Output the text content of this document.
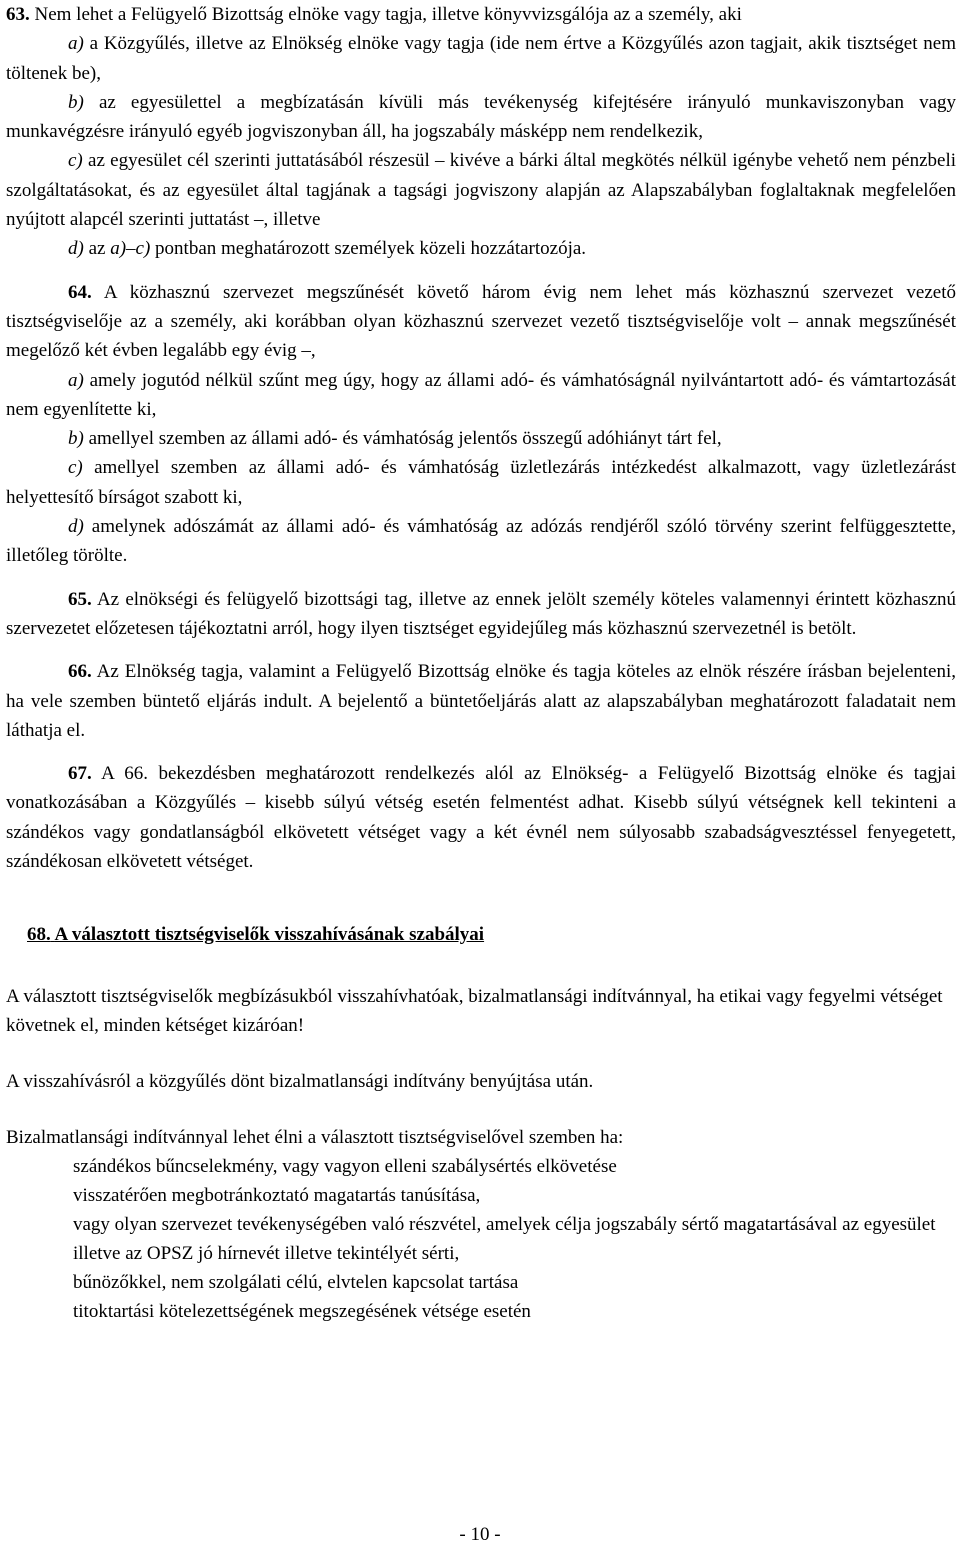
63. Nem lehet a Felügyelő Bizottság elnöke vagy tagja, illetve könyvvizsgálója az a személy, aki

a) a Közgyűlés, illetve az Elnökség elnöke vagy tagja (ide nem értve a Közgyűlés azon tagjait, akik tisztséget nem töltenek be),

b) az egyesülettel a megbízatásán kívüli más tevékenység kifejtésére irányuló munkaviszonyban vagy munkavégzésre irányuló egyéb jogviszonyban áll, ha jogszabály másképp nem rendelkezik,

c) az egyesület cél szerinti juttatásából részesül – kivéve a bárki által megkötés nélkül igénybe vehető nem pénzbeli szolgáltatásokat, és az egyesület által tagjának a tagsági jogviszony alapján az Alapszabályban foglaltaknak megfelelően nyújtott alapcél szerinti juttatást –, illetve

d) az a)–c) pontban meghatározott személyek közeli hozzátartozója.

64. A közhasznú szervezet megszűnését követő három évig nem lehet más közhasznú szervezet vezető tisztségviselője az a személy, aki korábban olyan közhasznú szervezet vezető tisztségviselője volt – annak megszűnését megelőző két évben legalább egy évig –,

a) amely jogutód nélkül szűnt meg úgy, hogy az állami adó- és vámhatóságnál nyilvántartott adó- és vámtartozását nem egyenlítette ki,

b) amellyel szemben az állami adó- és vámhatóság jelentős összegű adóhiányt tárt fel,

c) amellyel szemben az állami adó- és vámhatóság üzletlezárás intézkedést alkalmazott, vagy üzletlezárást helyettesítő bírságot szabott ki,

d) amelynek adószámát az állami adó- és vámhatóság az adózás rendjéről szóló törvény szerint felfüggesztette, illetőleg törölte.

65. Az elnökségi és felügyelő bizottsági tag, illetve az ennek jelölt személy köteles valamennyi érintett közhasznú szervezetet előzetesen tájékoztatni arról, hogy ilyen tisztséget egyidejűleg más közhasznú szervezetnél is betölt.

66. Az Elnökség tagja, valamint a Felügyelő Bizottság elnöke és tagja köteles az elnök részére írásban bejelenteni, ha vele szemben büntető eljárás indult. A bejelentő a büntetőeljárás alatt az alapszabályban meghatározott faladatait nem láthatja el.

67. A 66. bekezdésben meghatározott rendelkezés alól az Elnökség- a Felügyelő Bizottság elnöke és tagjai vonatkozásában a Közgyűlés – kisebb súlyú vétség esetén felmentést adhat. Kisebb súlyú vétségnek kell tekinteni a szándékos vagy gondatlanságból elkövetett vétséget vagy a két évnél nem súlyosabb szabadságvesztéssel fenyegetett, szándékosan elkövetett vétséget.

68. A választott tisztségviselők visszahívásának szabályai

A választott tisztségviselők megbízásukból visszahívhatóak, bizalmatlansági indítvánnyal, ha etikai vagy fegyelmi vétséget követnek el, minden kétséget kizáróan!

A visszahívásról a közgyűlés dönt bizalmatlansági indítvány benyújtása után.

Bizalmatlansági indítvánnyal lehet élni a választott tisztségviselővel szemben ha:

szándékos bűncselekmény, vagy vagyon elleni szabálysértés elkövetése
visszatérően megbotránkoztató magatartás tanúsítása,
vagy olyan szervezet tevékenységében való részvétel, amelyek célja jogszabály sértő magatartásával az egyesület illetve az OPSZ jó hírnevét illetve tekintélyét sérti,
bűnözőkkel, nem szolgálati célú, elvtelen kapcsolat tartása
titoktartási kötelezettségének megszegésének vétsége esetén
- 10 -
